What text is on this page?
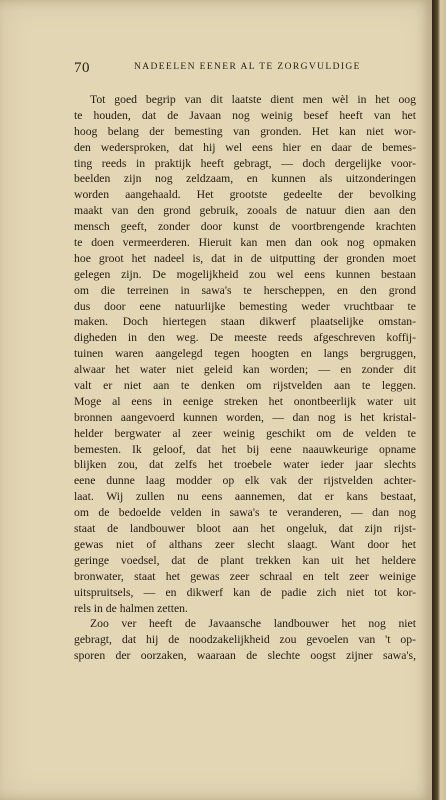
70	NADEELEN EENER AL TE ZORGVULDIGE
Tot goed begrip van dit laatste dient men wèl in het oog
te houden, dat de Javaan nog weinig besef heeft van het
hoog belang der bemesting van gronden. Het kan niet wor-
den wedersproken, dat hij wel eens hier en daar de bemes-
ting reeds in praktijk heeft gebragt, — doch dergelijke voor-
beelden zijn nog zeldzaam, en kunnen als uitzonderingen
worden aangehaald. Het grootste gedeelte der bevolking
maakt van den grond gebruik, zooals de natuur dien aan den
mensch geeft, zonder door kunst de voortbrengende krachten
te doen vermeerderen. Hieruit kan men dan ook nog opmaken
hoe groot het nadeel is, dat in de uitputting der gronden moet
gelegen zijn. De mogelijkheid zou wel eens kunnen bestaan
om die terreinen in sawa's te herscheppen, en den grond
dus door eene natuurlijke bemesting weder vruchtbaar te
maken. Doch hiertegen staan dikwerf plaatselijke omstan-
digheden in den weg. De meeste reeds afgeschreven koffij-
tuinen waren aangelegd tegen hoogten en langs bergruggen,
alwaar het water niet geleid kan worden; — en zonder dit
valt er niet aan te denken om rijstvelden aan te leggen.
Moge al eens in eenige streken het onontbeerlijk water uit
bronnen aangevoerd kunnen worden, — dan nog is het kristal-
helder bergwater al zeer weinig geschikt om de velden te
bemesten. Ik geloof, dat het bij eene naauwkeurige opname
blijken zou, dat zelfs het troebele water ieder jaar slechts
eene dunne laag modder op elk vak der rijstvelden achter-
laat. Wij zullen nu eens aannemen, dat er kans bestaat,
om de bedoelde velden in sawa's te veranderen, — dan nog
staat de landbouwer bloot aan het ongeluk, dat zijn rijst-
gewas niet of althans zeer slecht slaagt. Want door het
geringe voedsel, dat de plant trekken kan uit het heldere
bronwater, staat het gewas zeer schraal en telt zeer weinige
uitspruitsels, — en dikwerf kan de padie zich niet tot kor-
rels in de halmen zetten.
Zoo ver heeft de Javaansche landbouwer het nog niet
gebragt, dat hij de noodzakelijkheid zou gevoelen van 't op-
sporen der oorzaken, waaraan de slechte oogst zijner sawa's,
